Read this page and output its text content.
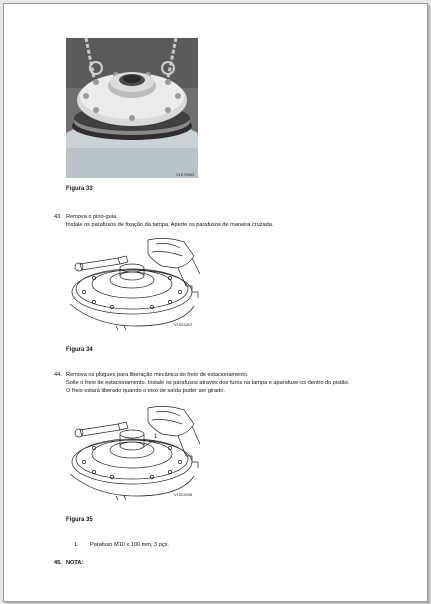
V1075503
Figura 33
43. Remova o pino-guia.
Instale os parafusos de fixação da tampa. Aperte os parafusos de maneira cruzada.
V1003207
Figura 34
44. Remova os plugues para liberação mecânica do freio de estacionamento.
Solte o freio de estacionamento. Instale os parafusos através dos furos na tampa e aparafuse-os dentro do pistão.
O freio estará liberado quando o eixo de saída puder ser girado.
1
V1003208
Figura 35
1. Parafuso M10 x 100 mm, 3 pçs.
45. NOTA:
